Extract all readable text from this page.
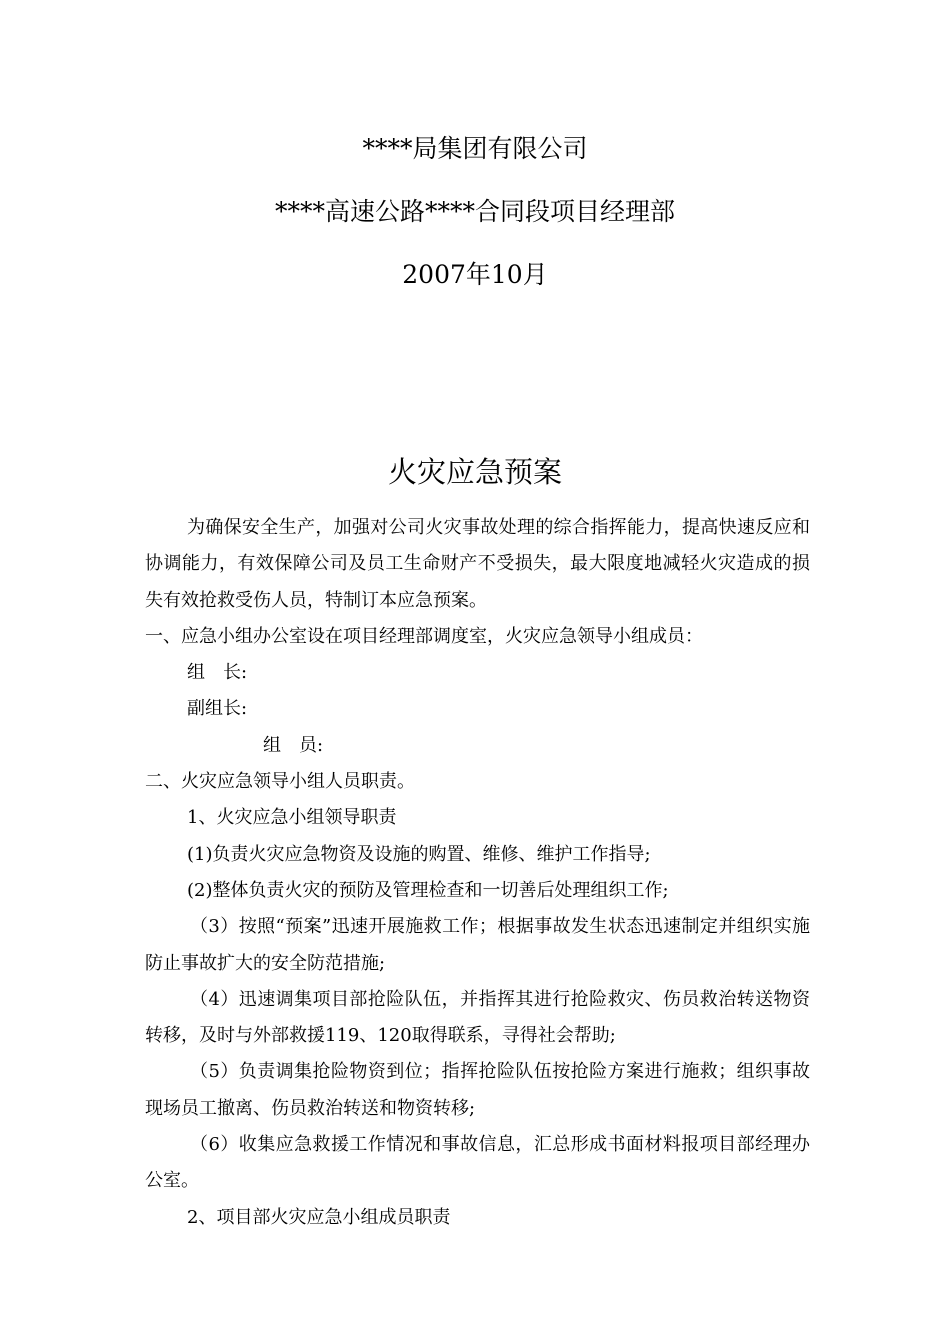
****局集团有限公司
****高速公路****合同段项目经理部
2007年10月
火灾应急预案

为确保安全生产，加强对公司火灾事故处理的综合指挥能力，提高快速反应和协调能力，有效保障公司及员工生命财产不受损失，最大限度地减轻火灾造成的损失有效抢救受伤人员，特制订本应急预案。

一、应急小组办公室设在项目经理部调度室，火灾应急领导小组成员：

组　长:

副组长:

组　员:

二、火灾应急领导小组人员职责。

1、火灾应急小组领导职责

(1)负责火灾应急物资及设施的购置、维修、维护工作指导;

(2)整体负责火灾的预防及管理检查和一切善后处理组织工作;

（3）按照“预案”迅速开展施救工作；根据事故发生状态迅速制定并组织实施防止事故扩大的安全防范措施;

（4）迅速调集项目部抢险队伍，并指挥其进行抢险救灾、伤员救治转送物资转移，及时与外部救援119、120取得联系，寻得社会帮助;

（5）负责调集抢险物资到位；指挥抢险队伍按抢险方案进行施救；组织事故现场员工撤离、伤员救治转送和物资转移;

（6）收集应急救援工作情况和事故信息，汇总形成书面材料报项目部经理办公室。

2、项目部火灾应急小组成员职责
